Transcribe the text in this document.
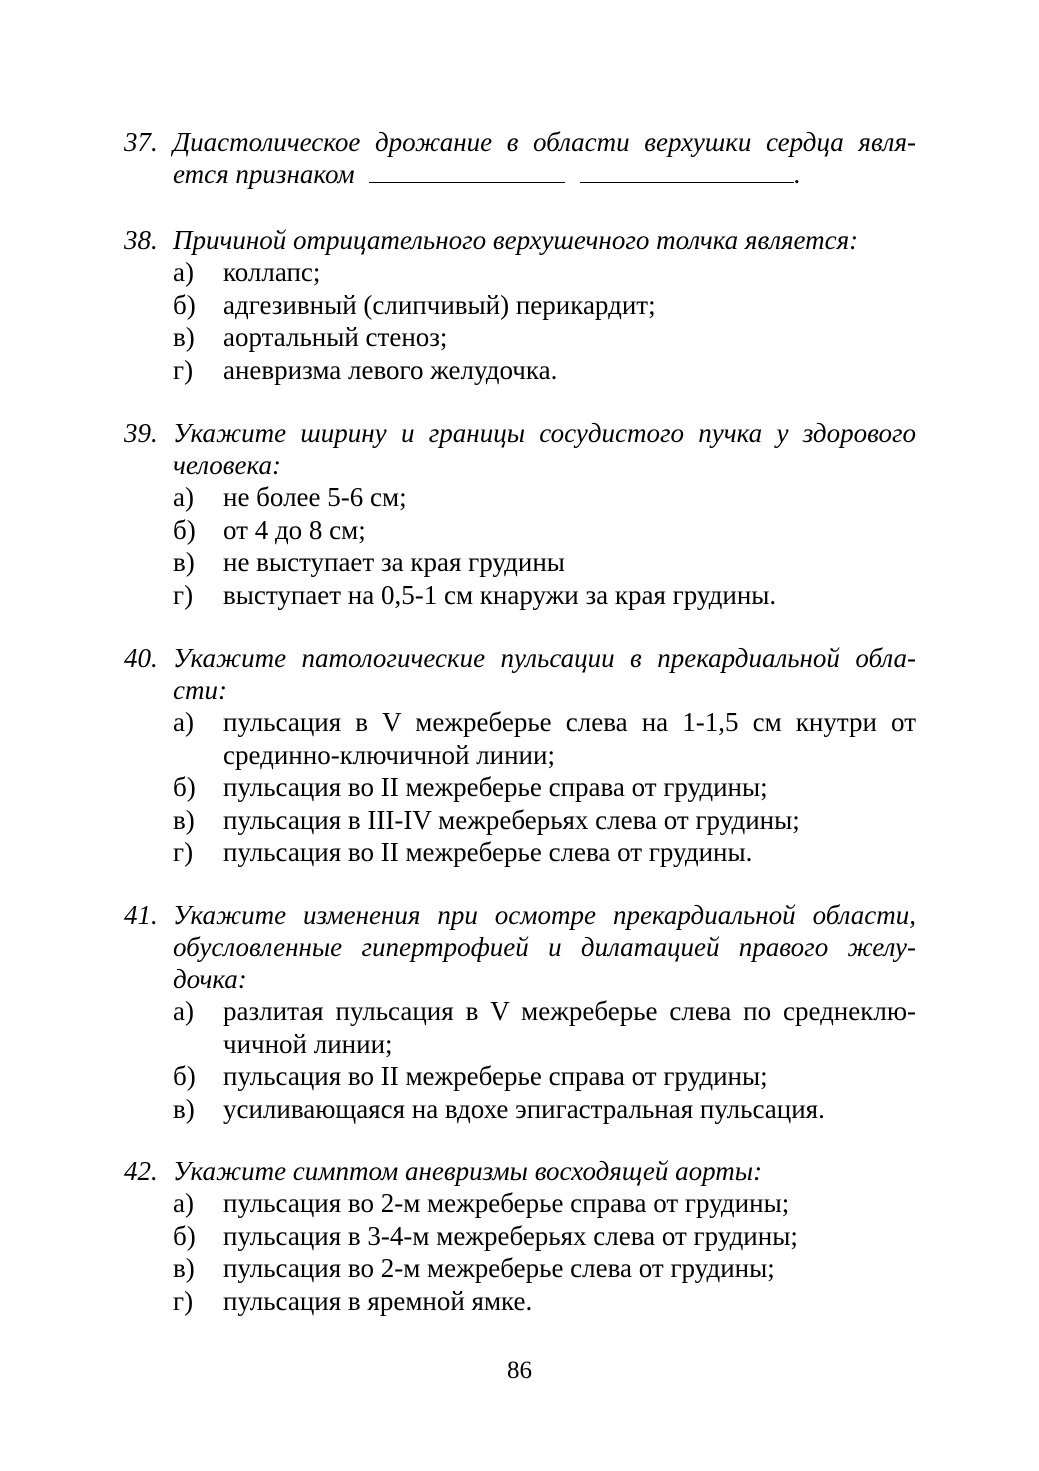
37. Диастолическое дрожание в области верхушки сердца явля-
ется признаком	.
38. Причиной отрицательного верхушечного толчка является:
а) коллапс;
б) адгезивный (слипчивый) перикардит;
в) аортальный стеноз;
г) аневризма левого желудочка.
39. Укажите ширину и границы сосудистого пучка у здорового
человека:
а) не более 5-6 см;
б) от 4 до 8 см;
в) не выступает за края грудины
г) выступает на 0,5-1 см кнаружи за края грудины.
40. Укажите патологические пульсации в прекардиальной обла-
сти:
а) пульсация в V межреберье слева на 1-1,5 см кнутри от
срединно-ключичной линии;
б) пульсация во II межреберье справа от грудины;
в) пульсация в III-IV межреберьях слева от грудины;
г) пульсация во II межреберье слева от грудины.
41. Укажите изменения при осмотре прекардиальной области,
обусловленные гипертрофией и дилатацией правого желу-
дочка:
а) разлитая пульсация в V межреберье слева по среднеклю-
чичной линии;
б) пульсация во II межреберье справа от грудины;
в) усиливающаяся на вдохе эпигастральная пульсация.
42. Укажите симптом аневризмы восходящей аорты:
а) пульсация во 2-м межреберье справа от грудины;
б) пульсация в 3-4-м межреберьях слева от грудины;
в) пульсация во 2-м межреберье слева от грудины;
г) пульсация в яремной ямке.
86
